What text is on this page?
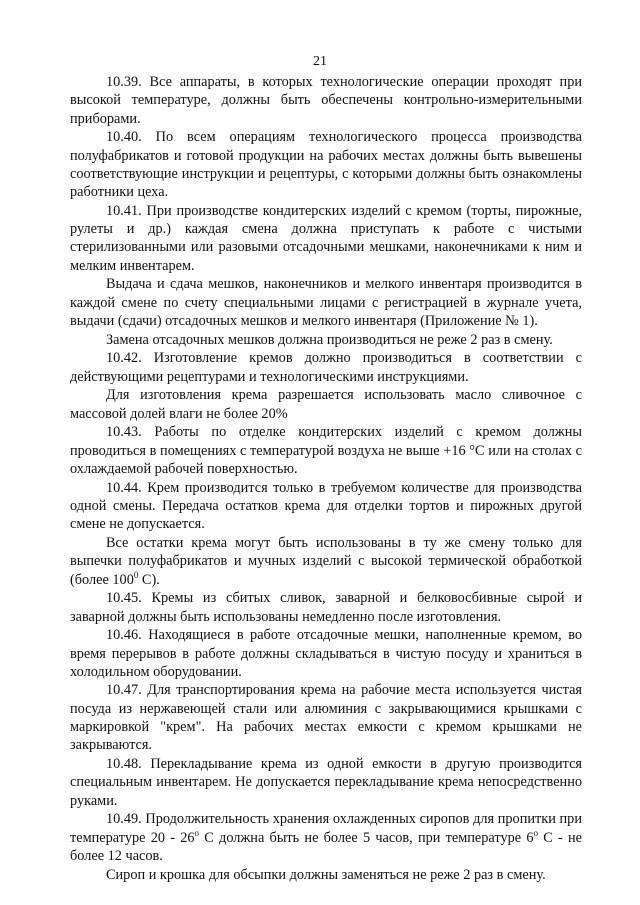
21

10.39. Все аппараты, в которых технологические операции проходят при высокой температуре, должны быть обеспечены контрольно-измерительными приборами.

10.40. По всем операциям технологического процесса производства полуфабрикатов и готовой продукции на рабочих местах должны быть вывешены соответствующие инструкции и рецептуры, с которыми должны быть ознакомлены работники цеха.

10.41. При производстве кондитерских изделий с кремом (торты, пирожные, рулеты и др.) каждая смена должна приступать к работе с чистыми стерилизованными или разовыми отсадочными мешками, наконечниками к ним и мелким инвентарем.

Выдача и сдача мешков, наконечников и мелкого инвентаря производится в каждой смене по счету специальными лицами с регистрацией в журнале учета, выдачи (сдачи) отсадочных мешков и мелкого инвентаря (Приложение № 1).

Замена отсадочных мешков должна производиться не реже 2 раз в смену.

10.42. Изготовление кремов должно производиться в соответствии с действующими рецептурами и технологическими инструкциями.

Для изготовления крема разрешается использовать масло сливочное с массовой долей влаги не более 20%

10.43. Работы по отделке кондитерских изделий с кремом должны проводиться в помещениях с температурой воздуха не выше +16 °С или на столах с охлаждаемой рабочей поверхностью.

10.44. Крем производится только в требуемом количестве для производства одной смены. Передача остатков крема для отделки тортов и пирожных другой смене не допускается.

Все остатки крема могут быть использованы в ту же смену только для выпечки полуфабрикатов и мучных изделий с высокой термической обработкой (более $100^0$ С).

10.45. Кремы из сбитых сливок, заварной и белковосбивные сырой и заварной должны быть использованы немедленно после изготовления.

10.46. Находящиеся в работе отсадочные мешки, наполненные кремом, во время перерывов в работе должны складываться в чистую посуду и храниться в холодильном оборудовании.

10.47. Для транспортирования крема на рабочие места используется чистая посуда из нержавеющей стали или алюминия с закрывающимися крышками с маркировкой "крем". На рабочих местах емкости с кремом крышками не закрываются.

10.48. Перекладывание крема из одной емкости в другую производится специальным инвентарем. Не допускается перекладывание крема непосредственно руками.

10.49. Продолжительность хранения охлажденных сиропов для пропитки при температуре $20 - 26^о$ С должна быть не более 5 часов, при температуре $6^о$ С - не более 12 часов.

Сироп и крошка для обсыпки должны заменяться не реже 2 раз в смену.
